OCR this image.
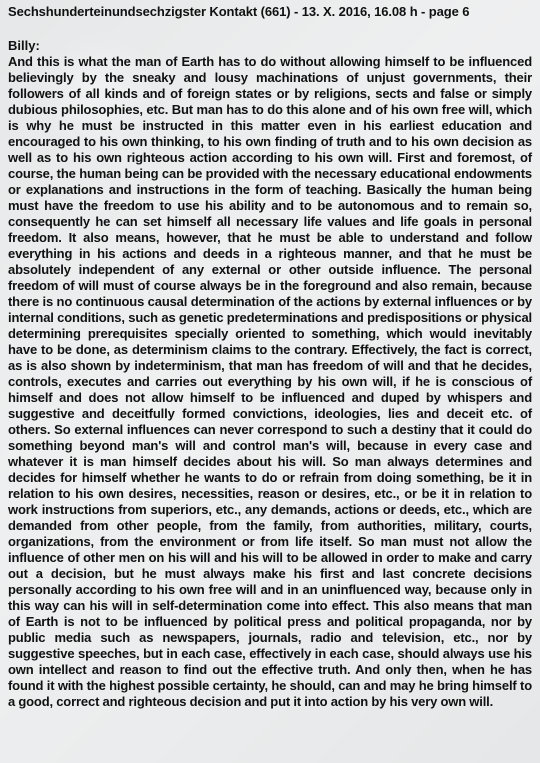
Sechshunderteinundsechzigster Kontakt (661) - 13. X. 2016, 16.08 h - page 6
Billy:
And this is what the man of Earth has to do without allowing himself to be influenced believingly by the sneaky and lousy machinations of unjust governments, their followers of all kinds and of foreign states or by religions, sects and false or simply dubious philosophies, etc. But man has to do this alone and of his own free will, which is why he must be instructed in this matter even in his earliest education and encouraged to his own thinking, to his own finding of truth and to his own decision as well as to his own righteous action according to his own will. First and foremost, of course, the human being can be provided with the necessary educational endowments or explanations and instructions in the form of teaching. Basically the human being must have the freedom to use his ability and to be autonomous and to remain so, consequently he can set himself all necessary life values and life goals in personal freedom. It also means, however, that he must be able to understand and follow everything in his actions and deeds in a righteous manner, and that he must be absolutely independent of any external or other outside influence. The personal freedom of will must of course always be in the foreground and also remain, because there is no continuous causal determination of the actions by external influences or by internal conditions, such as genetic predeterminations and predispositions or physical determining prerequisites specially oriented to something, which would inevitably have to be done, as determinism claims to the contrary. Effectively, the fact is correct, as is also shown by indeterminism, that man has freedom of will and that he decides, controls, executes and carries out everything by his own will, if he is conscious of himself and does not allow himself to be influenced and duped by whispers and suggestive and deceitfully formed convictions, ideologies, lies and deceit etc. of others. So external influences can never correspond to such a destiny that it could do something beyond man's will and control man's will, because in every case and whatever it is man himself decides about his will. So man always determines and decides for himself whether he wants to do or refrain from doing something, be it in relation to his own desires, necessities, reason or desires, etc., or be it in relation to work instructions from superiors, etc., any demands, actions or deeds, etc., which are demanded from other people, from the family, from authorities, military, courts, organizations, from the environment or from life itself. So man must not allow the influence of other men on his will and his will to be allowed in order to make and carry out a decision, but he must always make his first and last concrete decisions personally according to his own free will and in an uninfluenced way, because only in this way can his will in self-determination come into effect. This also means that man of Earth is not to be influenced by political press and political propaganda, nor by public media such as newspapers, journals, radio and television, etc., nor by suggestive speeches, but in each case, effectively in each case, should always use his own intellect and reason to find out the effective truth. And only then, when he has found it with the highest possible certainty, he should, can and may he bring himself to a good, correct and righteous decision and put it into action by his very own will.
